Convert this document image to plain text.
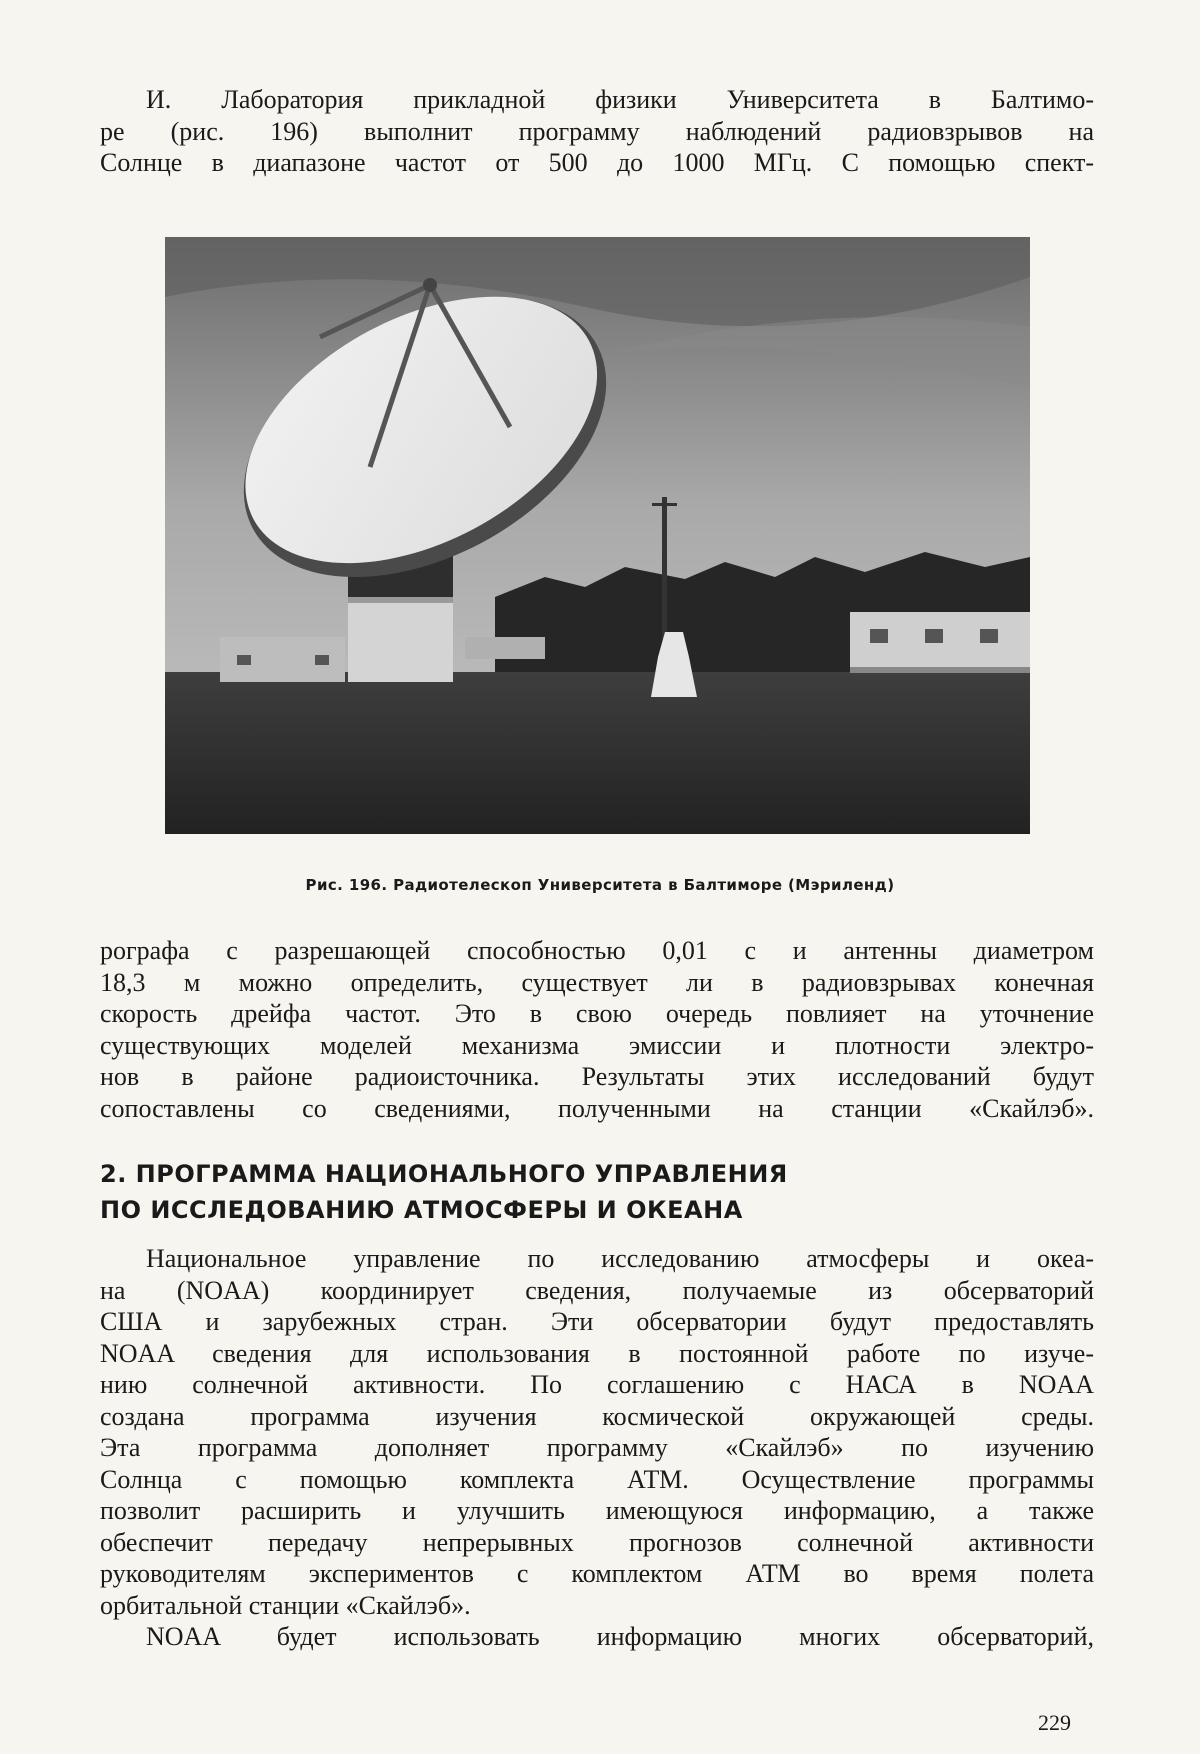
И. Лаборатория прикладной физики Университета в Балтимо-
ре (рис. 196) выполнит программу наблюдений радиовзрывов на
Солнце в диапазоне частот от 500 до 1000 МГц. С помощью спект-
Рис. 196. Радиотелескоп Университета в Балтиморе (Мэриленд)
рографа с разрешающей способностью 0,01 с и антенны диаметром
18,3 м можно определить, существует ли в радиовзрывах конечная
скорость дрейфа частот. Это в свою очередь повлияет на уточнение
существующих моделей механизма эмиссии и плотности электро-
нов в районе радиоисточника. Результаты этих исследований будут
сопоставлены со сведениями, полученными на станции «Скайлэб».
2. ПРОГРАММА НАЦИОНАЛЬНОГО УПРАВЛЕНИЯ
ПО ИССЛЕДОВАНИЮ АТМОСФЕРЫ И ОКЕАНА
Национальное управление по исследованию атмосферы и океа-
на (NOAA) координирует сведения, получаемые из обсерваторий
США и зарубежных стран. Эти обсерватории будут предоставлять
NOAA сведения для использования в постоянной работе по изуче-
нию солнечной активности. По соглашению с НАСА в NOAA
создана программа изучения космической окружающей среды.
Эта программа дополняет программу «Скайлэб» по изучению
Солнца с помощью комплекта АТМ. Осуществление программы
позволит расширить и улучшить имеющуюся информацию, а также
обеспечит передачу непрерывных прогнозов солнечной активности
руководителям экспериментов с комплектом АТМ во время полета
орбитальной станции «Скайлэб».
NOAA будет использовать информацию многих обсерваторий,
229
